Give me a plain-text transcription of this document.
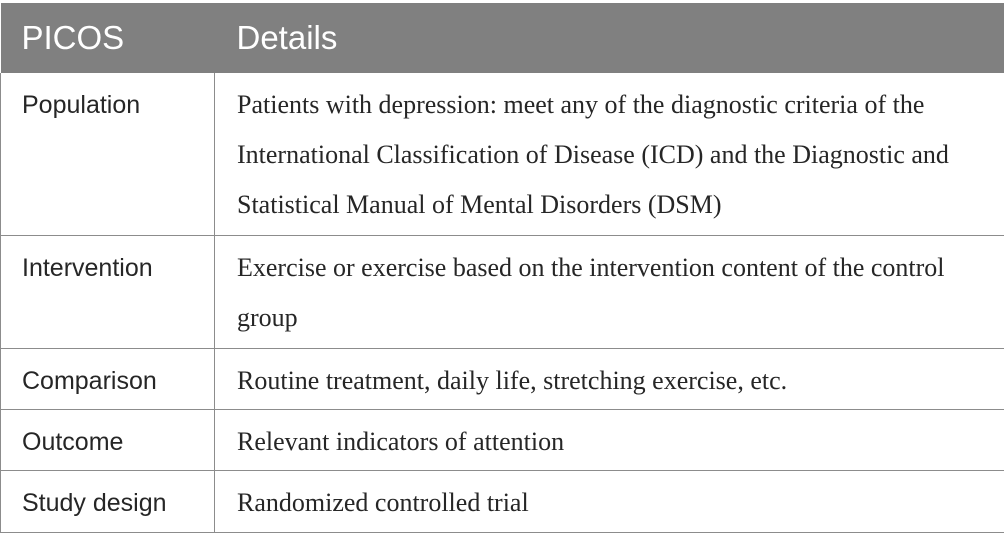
PICOS	Details

Population	Patients with depression: meet any of the diagnostic criteria of the International Classification of Disease (ICD) and the Diagnostic and Statistical Manual of Mental Disorders (DSM)

Intervention	Exercise or exercise based on the intervention content of the control group

Comparison	Routine treatment, daily life, stretching exercise, etc.

Outcome	Relevant indicators of attention

Study design	Randomized controlled trial
